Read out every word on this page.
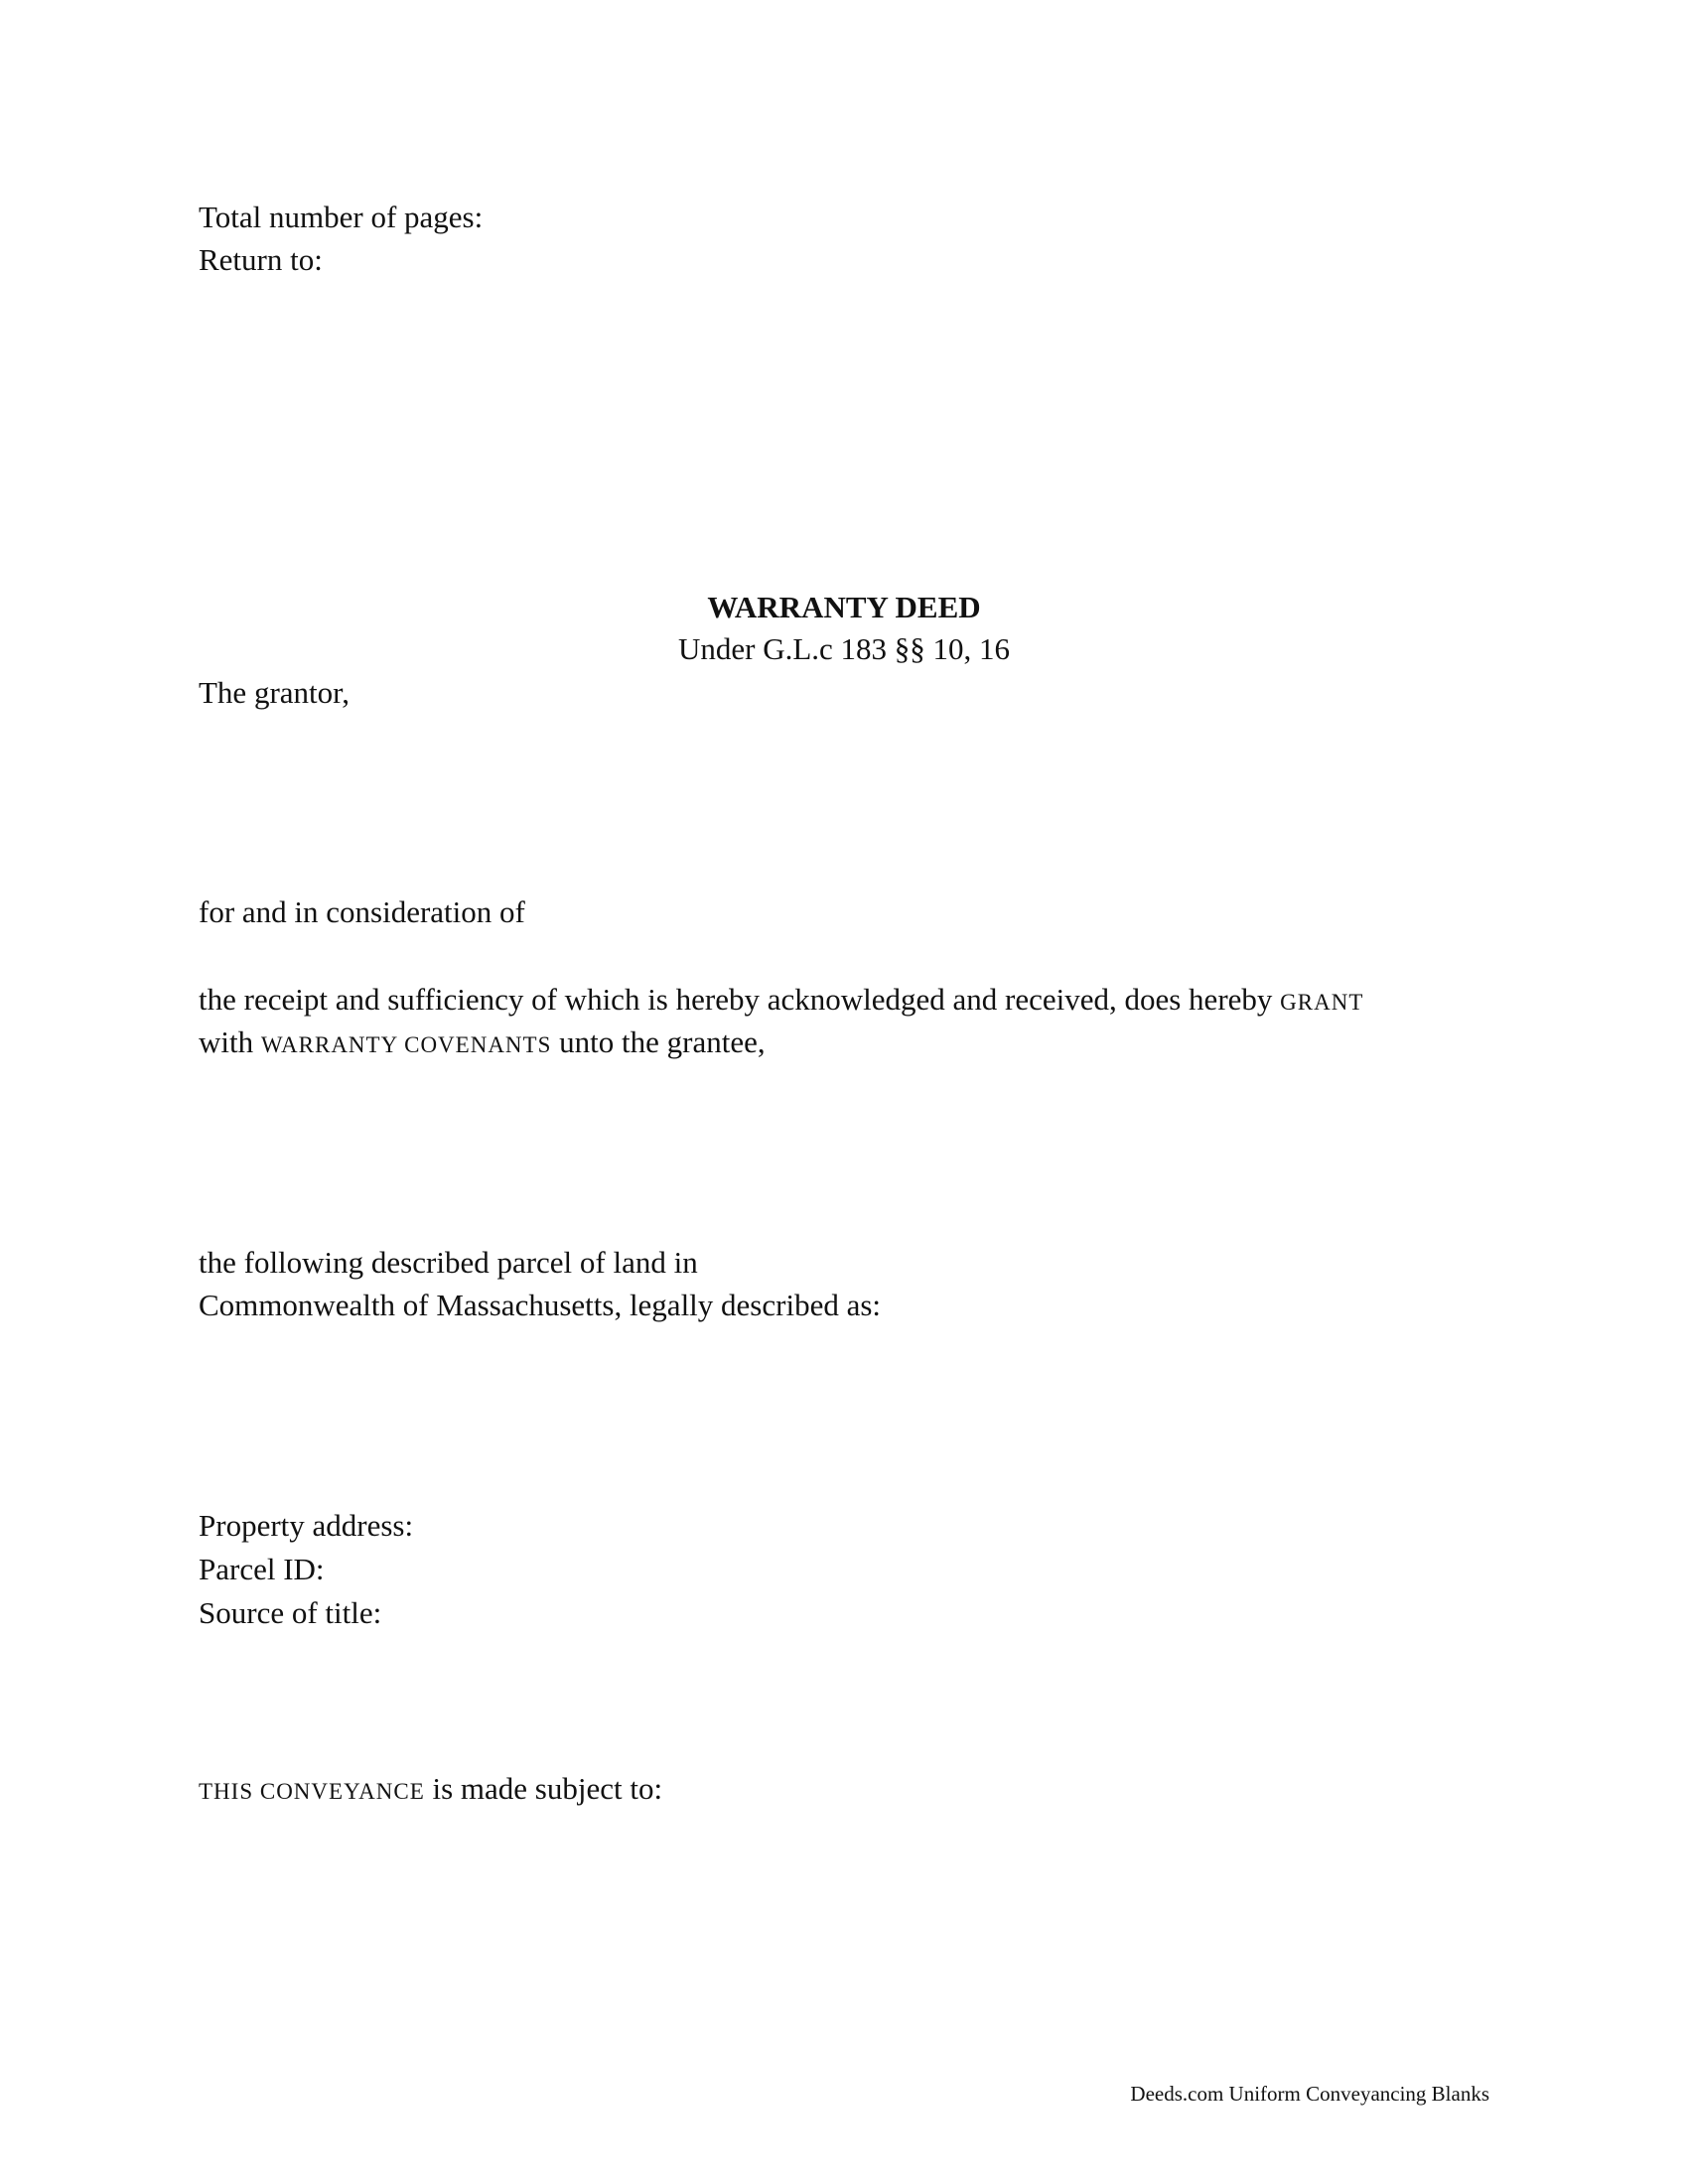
Total number of pages:
Return to:
WARRANTY DEED
Under G.L.c 183 §§ 10, 16
The grantor,
for and in consideration of
the receipt and sufficiency of which is hereby acknowledged and received, does hereby GRANT
with WARRANTY COVENANTS unto the grantee,
the following described parcel of land in
Commonwealth of Massachusetts, legally described as:
Property address:
Parcel ID:
Source of title:
THIS CONVEYANCE is made subject to:
Deeds.com Uniform Conveyancing Blanks
